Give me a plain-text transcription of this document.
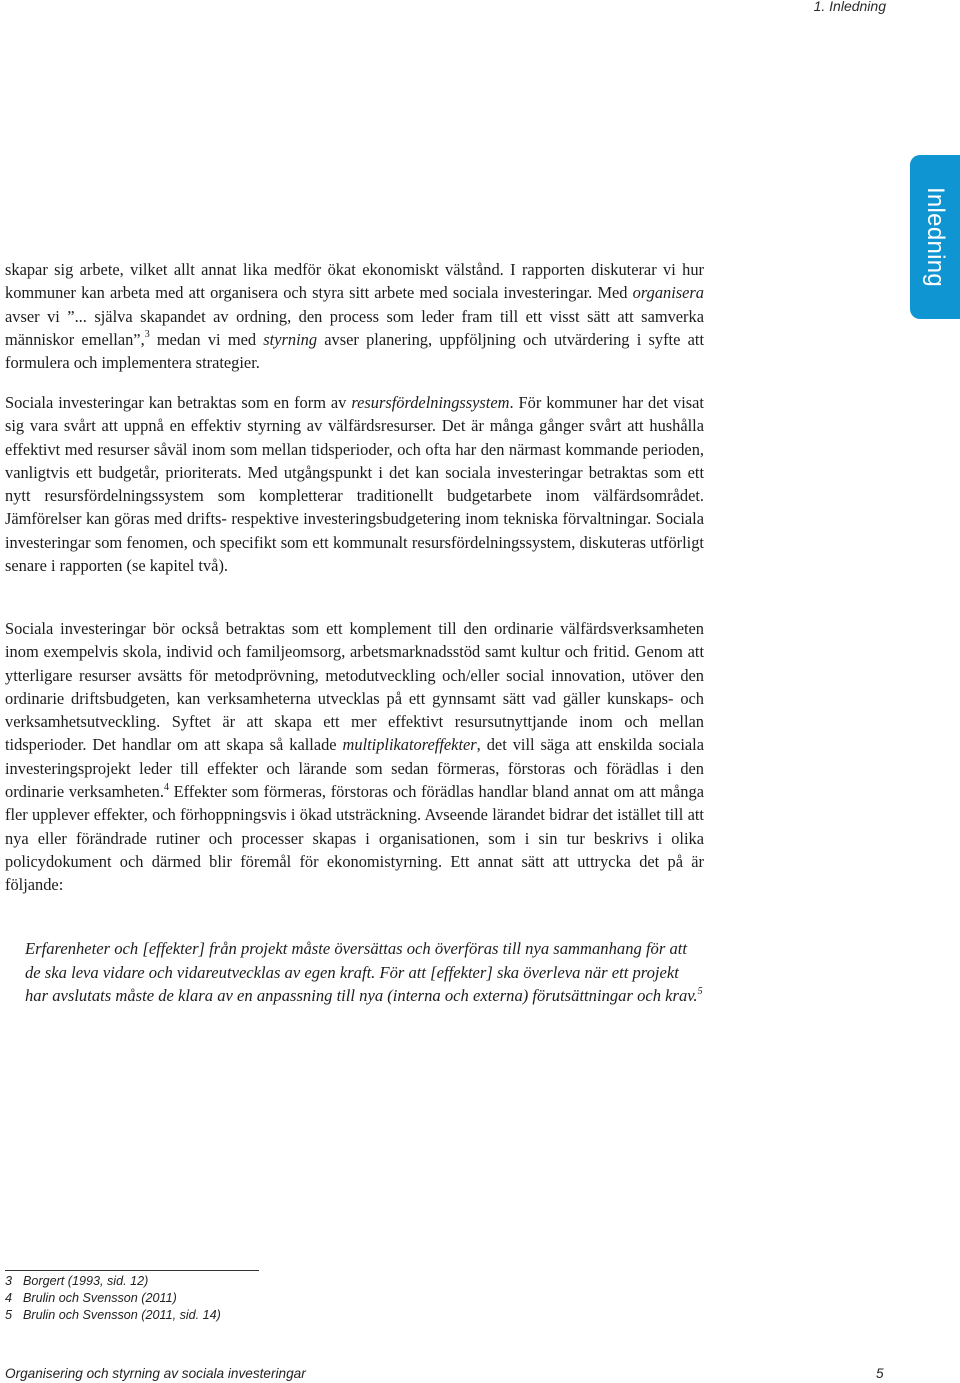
1. Inledning
Inledning

skapar sig arbete, vilket allt annat lika medför ökat ekonomiskt välstånd. I rapporten diskuterar vi hur kommuner kan arbeta med att organisera och styra sitt arbete med sociala investeringar. Med organisera avser vi ”... själva skapandet av ordning, den process som leder fram till ett visst sätt att samverka människor emellan”,$^3$ medan vi med styrning avser planering, uppföljning och utvärdering i syfte att formulera och implementera strategier.

Sociala investeringar kan betraktas som en form av resursfördelningssystem. För kommuner har det visat sig vara svårt att uppnå en effektiv styrning av välfärdsresurser. Det är många gånger svårt att hushålla effektivt med resurser såväl inom som mellan tidsperioder, och ofta har den närmast kommande perioden, vanligtvis ett budgetår, prioriterats. Med utgångspunkt i det kan sociala investeringar betraktas som ett nytt resursfördelningssystem som kompletterar traditionellt budgetarbete inom välfärdsområdet. Jämförelser kan göras med drifts- respektive investeringsbudgetering inom tekniska förvaltningar. Sociala investeringar som fenomen, och specifikt som ett kommunalt resursfördelningssystem, diskuteras utförligt senare i rapporten (se kapitel två).

Sociala investeringar bör också betraktas som ett komplement till den ordinarie välfärdsverksamheten inom exempelvis skola, individ och familjeomsorg, arbetsmarknadsstöd samt kultur och fritid. Genom att ytterligare resurser avsätts för metodprövning, metodutveckling och/eller social innovation, utöver den ordinarie driftsbudgeten, kan verksamheterna utvecklas på ett gynnsamt sätt vad gäller kunskaps- och verksamhetsutveckling. Syftet är att skapa ett mer effektivt resursutnyttjande inom och mellan tidsperioder. Det handlar om att skapa så kallade multiplikatoreffekter, det vill säga att enskilda sociala investeringsprojekt leder till effekter och lärande som sedan förmeras, förstoras och förädlas i den ordinarie verksamheten.$^4$ Effekter som förmeras, förstoras och förädlas handlar bland annat om att många fler upplever effekter, och förhoppningsvis i ökad utsträckning. Avseende lärandet bidrar det istället till att nya eller förändrade rutiner och processer skapas i organisationen, som i sin tur beskrivs i olika policydokument och därmed blir föremål för ekonomistyrning. Ett annat sätt att uttrycka det på är följande:

Erfarenheter och [effekter] från projekt måste översättas och överföras till nya sammanhang för att de ska leva vidare och vidareutvecklas av egen kraft. För att [effekter] ska överleva när ett projekt har avslutats måste de klara av en anpassning till nya (interna och externa) förutsättningar och krav.$^5$

3 Borgert (1993, sid. 12)
4 Brulin och Svensson (2011)
5 Brulin och Svensson (2011, sid. 14)
Organisering och styrning av sociala investeringar	5
